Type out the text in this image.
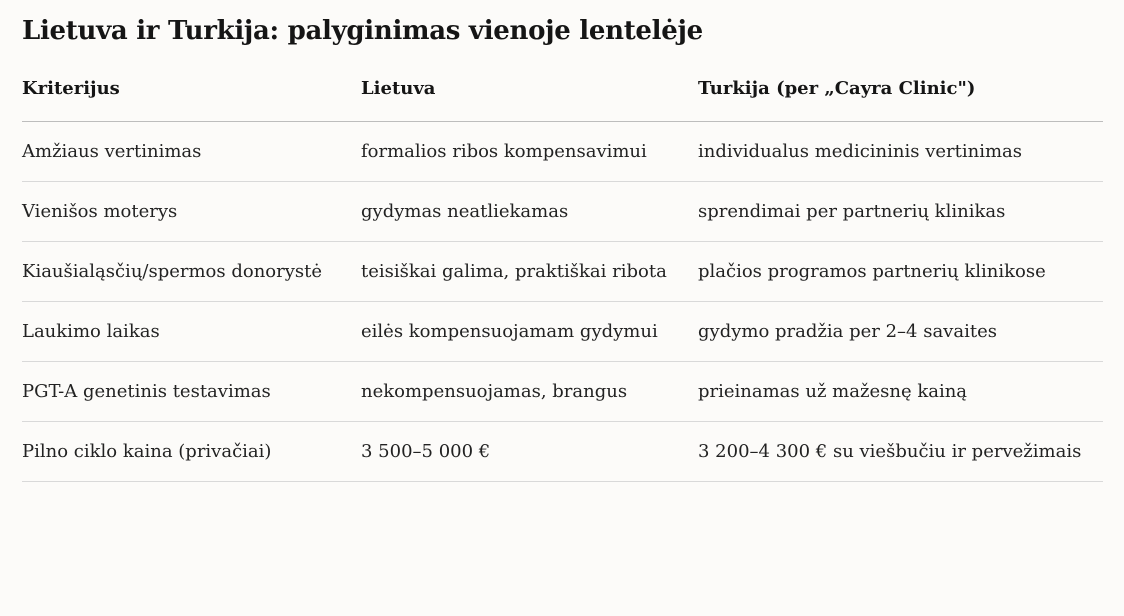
Lietuva ir Turkija: palyginimas vienoje lentelėje
Kriterijus	Lietuva	Turkija (per „Cayra Clinic")
Amžiaus vertinimas	formalios ribos kompensavimui	individualus medicininis vertinimas
Vienišos moterys	gydymas neatliekamas	sprendimai per partnerių klinikas
Kiaušialąsčių/spermos donorystė	teisiškai galima, praktiškai ribota	plačios programos partnerių klinikose
Laukimo laikas	eilės kompensuojamam gydymui	gydymo pradžia per 2–4 savaites
PGT-A genetinis testavimas	nekompensuojamas, brangus	prieinamas už mažesnę kainą
Pilno ciklo kaina (privačiai)	3 500–5 000 €	3 200–4 300 € su viešbučiu ir pervežimais
